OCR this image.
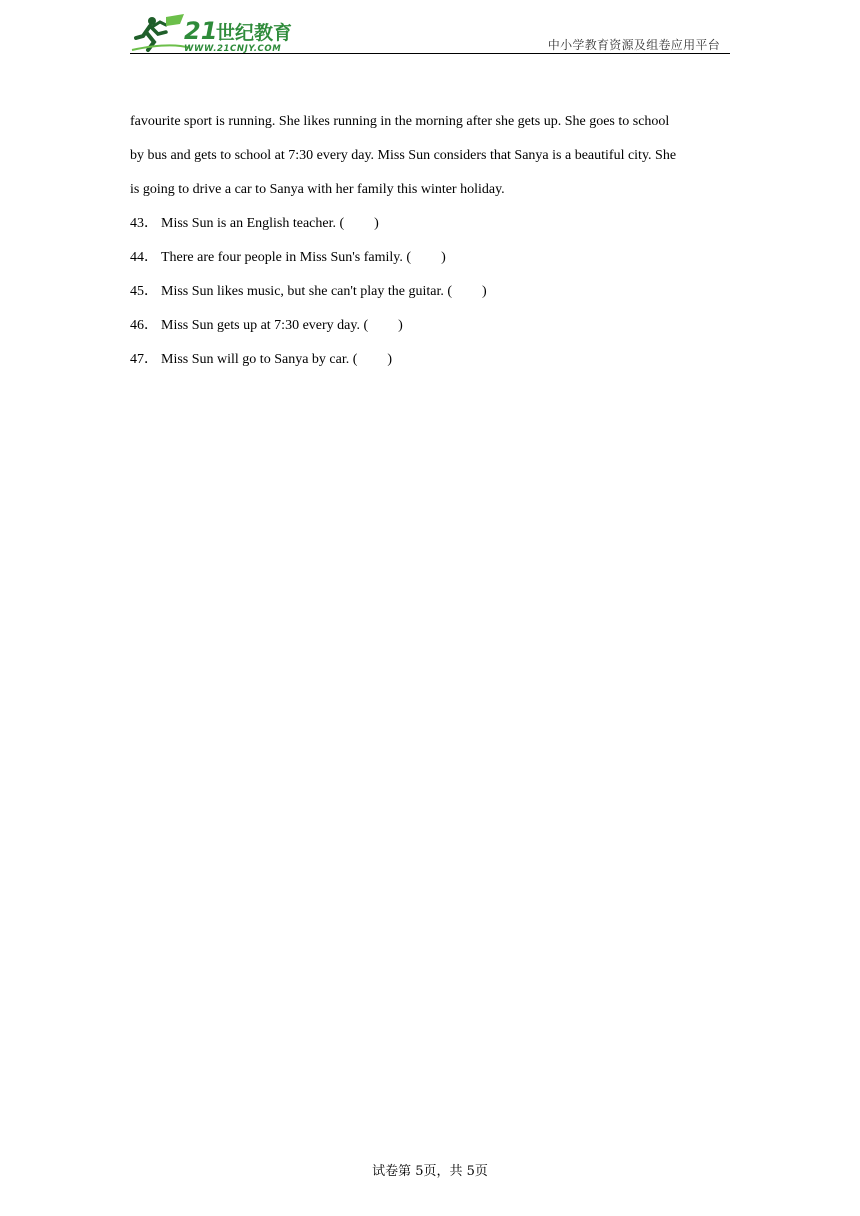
21
世纪教育
WWW.21CNJY.COM	中小学教育资源及组卷应用平台
favourite sport is running. She likes running in the morning after she gets up. She goes to school
by bus and gets to school at 7:30 every day. Miss Sun considers that Sanya is a beautiful city. She
is going to drive a car to Sanya with her family this winter holiday.
43． Miss Sun is an English teacher. ( )
44． There are four people in Miss Sun's family. ( )
45． Miss Sun likes music, but she can't play the guitar. ( )
46． Miss Sun gets up at 7:30 every day. ( )
47． Miss Sun will go to Sanya by car. ( )
试卷第 5页，共 5页
